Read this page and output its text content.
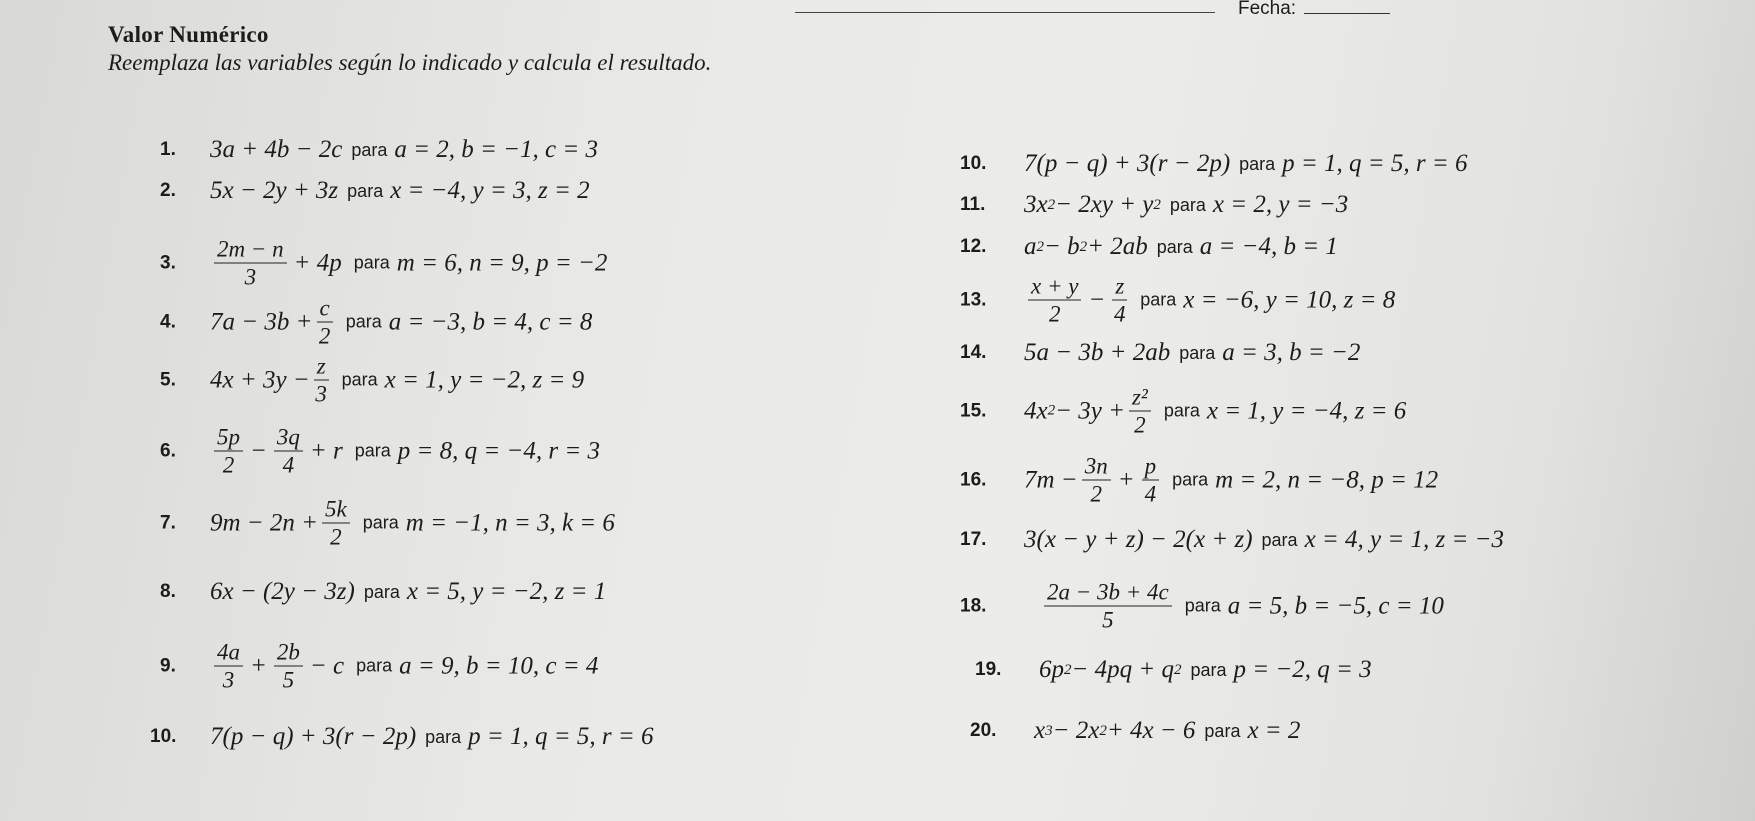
Fecha:
Valor Numérico
Reemplaza las variables según lo indicado y calcula el resultado.
1.	3a + 4b − 2c para a = 2, b = −1, c = 3
2.	5x − 2y + 3z para x = −4, y = 3, z = 2
3.	$\frac{2m - n}{3} + 4p$ para m = 6, n = 9, p = −2
4.	$7a - 3b + \frac{c}{2}$ para a = −3, b = 4, c = 8
5.	$4x + 3y - \frac{z}{3}$ para x = 1, y = −2, z = 9
6.	$\frac{5p}{2} - \frac{3q}{4} + r$ para p = 8, q = −4, r = 3
7.	$9m - 2n + \frac{5k}{2}$ para m = −1, n = 3, k = 6
8.	6x − (2y − 3z) para x = 5, y = −2, z = 1
9.	$\frac{4a}{3} + \frac{2b}{5} - c$ para a = 9, b = 10, c = 4
10.	7(p − q) + 3(r − 2p) para p = 1, q = 5, r = 6
10.	7(p − q) + 3(r − 2p) para p = 1, q = 5, r = 6
11.	3x 2 − 2xy + y 2 para x = 2, y = −3
12.	a 2 − b 2 + 2ab para a = −4, b = 1
13.	$\frac{x + y}{2} - \frac{z}{4}$ para x = −6, y = 10, z = 8
14.	5a − 3b + 2ab para a = 3, b = −2
15.	4x $2 - 3y + \frac{\text{z²}}{2}$ para x = 1, y = −4, z = 6
16.	$7m - \frac{3n}{2} + \frac{p}{4}$ para m = 2, n = −8, p = 12
17.	3(x − y + z) − 2(x + z) para x = 4, y = 1, z = −3
18.	$\frac{2a - 3b + 4c}{5}$ para a = 5, b = −5, c = 10
19.	6p 2 − 4pq + q 2 para p = −2, q = 3
20.	x 3 − 2x 2 + 4x − 6 para x = 2
